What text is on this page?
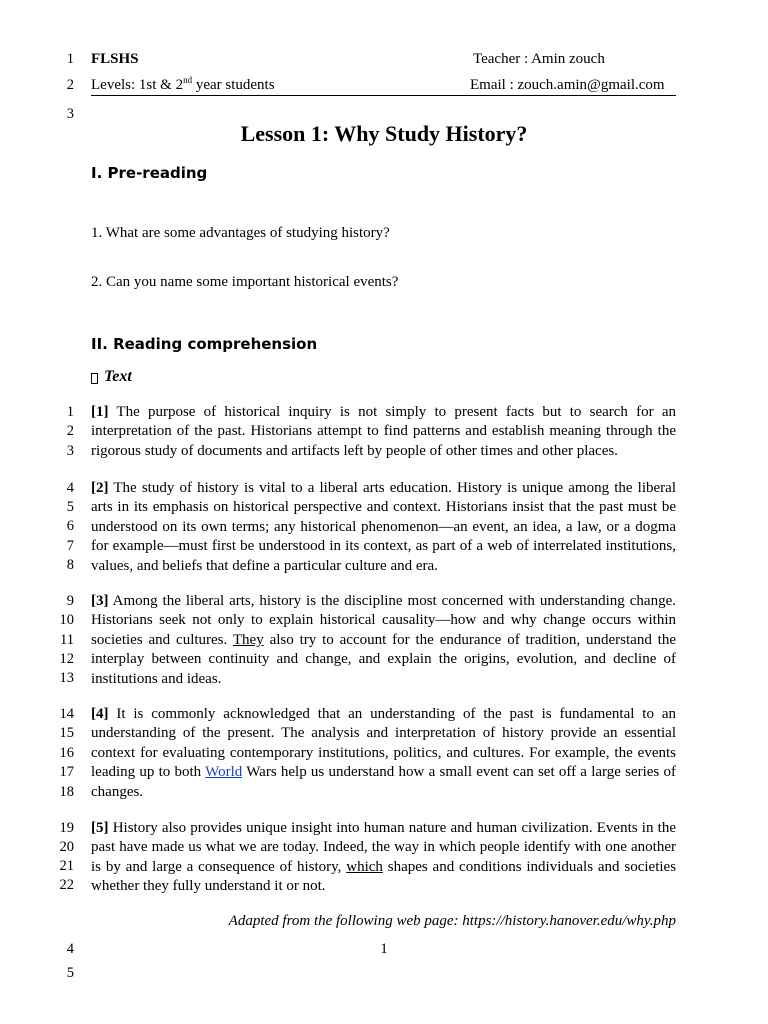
1
2
3
FLSHS	Teacher : Amin zouch
Levels: 1st & 2nd year students	Email : zouch.amin@gmail.com
Lesson 1: Why Study History?
I. Pre-reading
1. What are some advantages of studying history?
2. Can you name some important historical events?
II. Reading comprehension
Text
1
2
3
4
5
6
7
8
9
10
11
12
13
14
15
16
17
18
19
20
21
22
[1] The purpose of historical inquiry is not simply to present facts but to search for an interpretation of the past. Historians attempt to find patterns and establish meaning through the rigorous study of documents and artifacts left by people of other times and other places.
[2] The study of history is vital to a liberal arts education. History is unique among the liberal arts in its emphasis on historical perspective and context. Historians insist that the past must be understood on its own terms; any historical phenomenon—an event, an idea, a law, or a dogma for example—must first be understood in its context, as part of a web of interrelated institutions, values, and beliefs that define a particular culture and era.
[3] Among the liberal arts, history is the discipline most concerned with understanding change. Historians seek not only to explain historical causality—how and why change occurs within societies and cultures. They also try to account for the endurance of tradition, understand the interplay between continuity and change, and explain the origins, evolution, and decline of institutions and ideas.
[4] It is commonly acknowledged that an understanding of the past is fundamental to an understanding of the present. The analysis and interpretation of history provide an essential context for evaluating contemporary institutions, politics, and cultures. For example, the events leading up to both World Wars help us understand how a small event can set off a large series of changes.
[5] History also provides unique insight into human nature and human civilization. Events in the past have made us what we are today. Indeed, the way in which people identify with one another is by and large a consequence of history, which shapes and conditions individuals and societies whether they fully understand it or not.
Adapted from the following web page: https://history.hanover.edu/why.php
4	1
5
